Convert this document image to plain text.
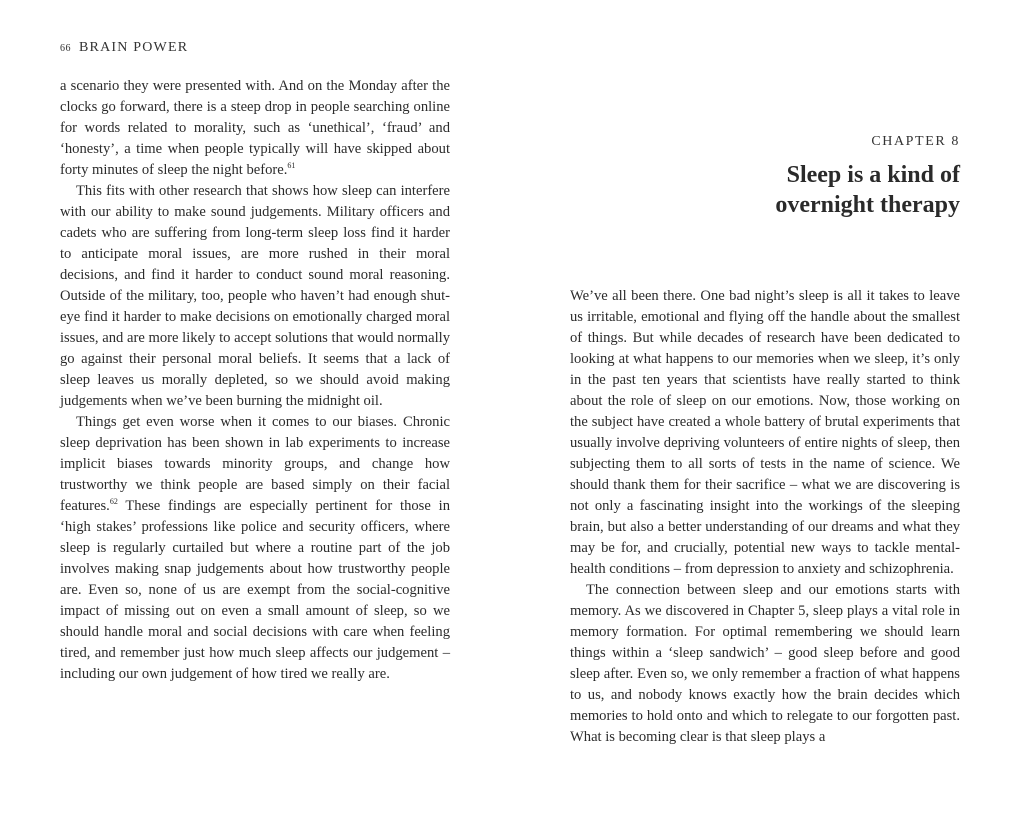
66 BRAIN POWER

a scenario they were presented with. And on the Monday after the clocks go forward, there is a steep drop in people searching online for words related to morality, such as ‘unethical’, ‘fraud’ and ‘honesty’, a time when people typically will have skipped about forty minutes of sleep the night before.$^{61}$

This fits with other research that shows how sleep can interfere with our ability to make sound judgements. Military officers and cadets who are suffering from long-term sleep loss find it harder to anticipate moral issues, are more rushed in their moral decisions, and find it harder to conduct sound moral reasoning. Outside of the military, too, people who haven’t had enough shut-eye find it harder to make decisions on emotionally charged moral issues, and are more likely to accept solutions that would normally go against their personal moral beliefs. It seems that a lack of sleep leaves us morally depleted, so we should avoid making judgements when we’ve been burning the midnight oil.

Things get even worse when it comes to our biases. Chronic sleep deprivation has been shown in lab experiments to increase implicit biases towards minority groups, and change how trustworthy we think people are based simply on their facial features.$^{62}$ These findings are especially pertinent for those in ‘high stakes’ professions like police and security officers, where sleep is regularly curtailed but where a routine part of the job involves making snap judgements about how trustworthy people are. Even so, none of us are exempt from the social-cognitive impact of missing out on even a small amount of sleep, so we should handle moral and social decisions with care when feeling tired, and remember just how much sleep affects our judgement – including our own judgement of how tired we really are.

CHAPTER 8
Sleep is a kind of
overnight therapy

We’ve all been there. One bad night’s sleep is all it takes to leave us irritable, emotional and flying off the handle about the smallest of things. But while decades of research have been dedicated to looking at what happens to our memories when we sleep, it’s only in the past ten years that scientists have really started to think about the role of sleep on our emotions. Now, those working on the subject have created a whole battery of brutal experiments that usually involve depriving volunteers of entire nights of sleep, then subjecting them to all sorts of tests in the name of science. We should thank them for their sacrifice – what we are discovering is not only a fascinating insight into the workings of the sleeping brain, but also a better understanding of our dreams and what they may be for, and crucially, potential new ways to tackle mental-health conditions – from depression to anxiety and schizophrenia.

The connection between sleep and our emotions starts with memory. As we discovered in Chapter 5, sleep plays a vital role in memory formation. For optimal remembering we should learn things within a ‘sleep sandwich’ – good sleep before and good sleep after. Even so, we only remember a fraction of what happens to us, and nobody knows exactly how the brain decides which memories to hold onto and which to relegate to our forgotten past. What is becoming clear is that sleep plays a
